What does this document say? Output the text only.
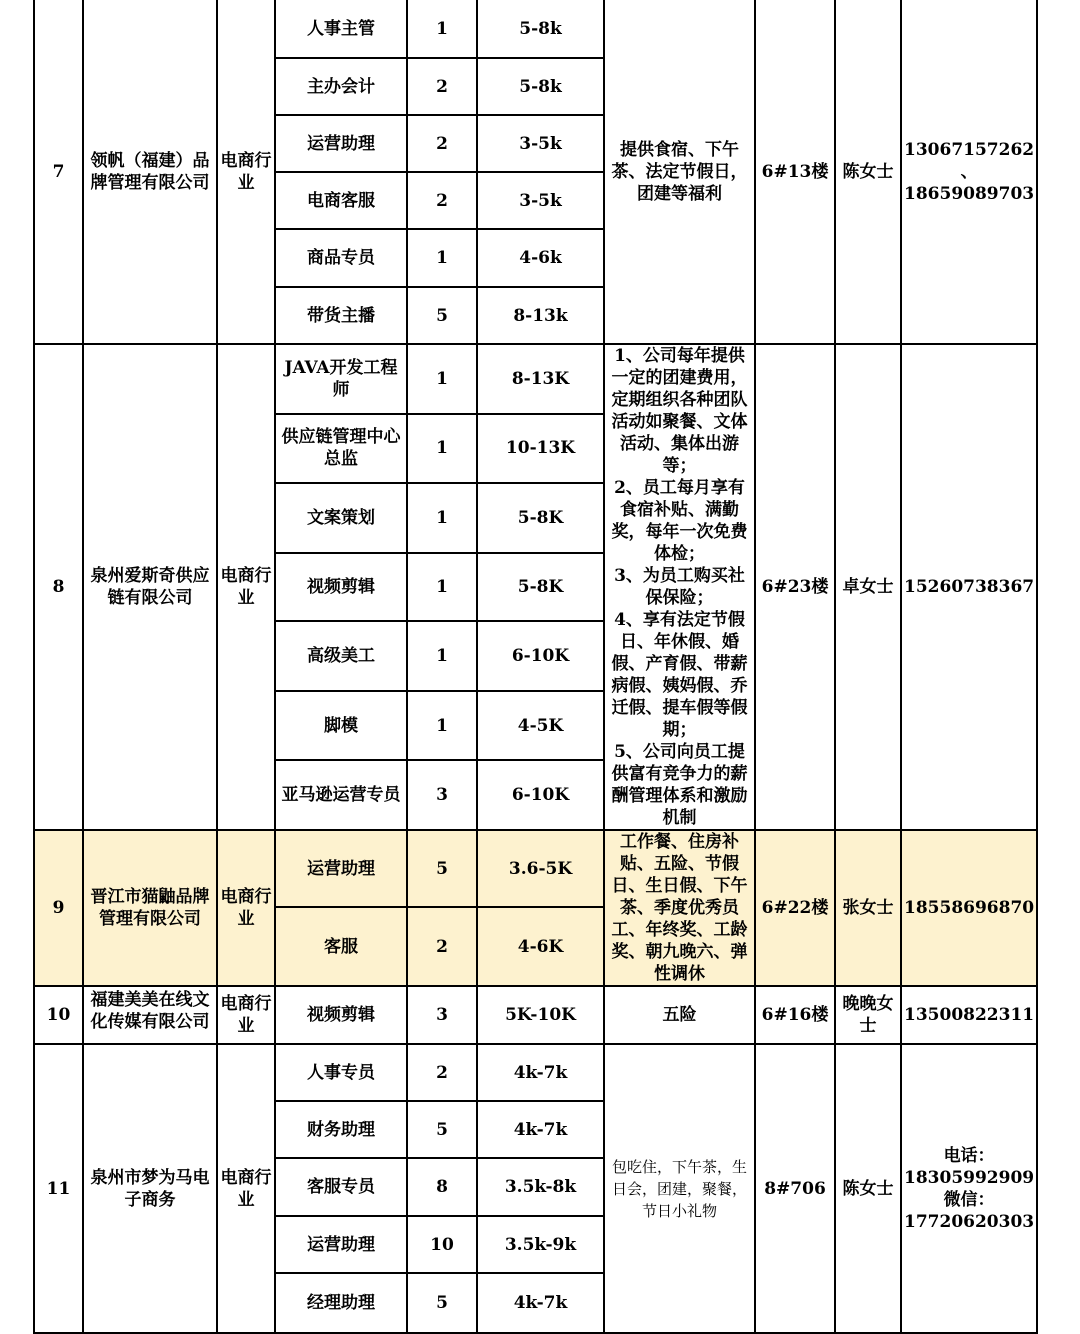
7	领帆（福建）品牌管理有限公司	电商行业	人事主管	1	5-8k	提供食宿、下午茶、法定节假日，团建等福利	6#13楼	陈女士	13067157262
、
18659089703
			主办会计	2	5-8k				
			运营助理	2	3-5k				
			电商客服	2	3-5k				
			商品专员	1	4-6k				
			带货主播	5	8-13k				
8	泉州爱斯奇供应链有限公司	电商行业	JAVA开发工程师	1	8-13K	1、公司每年提供一定的团建费用，定期组织各种团队活动如聚餐、文体活动、集体出游等；
2、员工每月享有食宿补贴、满勤奖，每年一次免费体检；
3、为员工购买社保保险；
4、享有法定节假日、年休假、婚假、产育假、带薪病假、姨妈假、乔迁假、提车假等假期；
5、公司向员工提供富有竞争力的薪酬管理体系和激励机制	6#23楼	卓女士	15260738367
			供应链管理中心总监	1	10-13K				
			文案策划	1	5-8K				
			视频剪辑	1	5-8K				
			高级美工	1	6-10K				
			脚模	1	4-5K				
			亚马逊运营专员	3	6-10K				
9	晋江市猫鼬品牌管理有限公司	电商行业	运营助理	5	3.6-5K	工作餐、住房补贴、五险、节假日、生日假、下午茶、季度优秀员工、年终奖、工龄奖、朝九晚六、弹性调休	6#22楼	张女士	18558696870
			客服	2	4-6K				
10	福建美美在线文化传媒有限公司	电商行业	视频剪辑	3	5K-10K	五险	6#16楼	晚晚女士	13500822311
11	泉州市梦为马电子商务	电商行业	人事专员	2	4k-7k	包吃住，下午茶，生日会，团建，聚餐，节日小礼物	8#706	陈女士	电话：
18305992909
微信：
17720620303
			财务助理	5	4k-7k				
			客服专员	8	3.5k-8k				
			运营助理	10	3.5k-9k				
			经理助理	5	4k-7k				
